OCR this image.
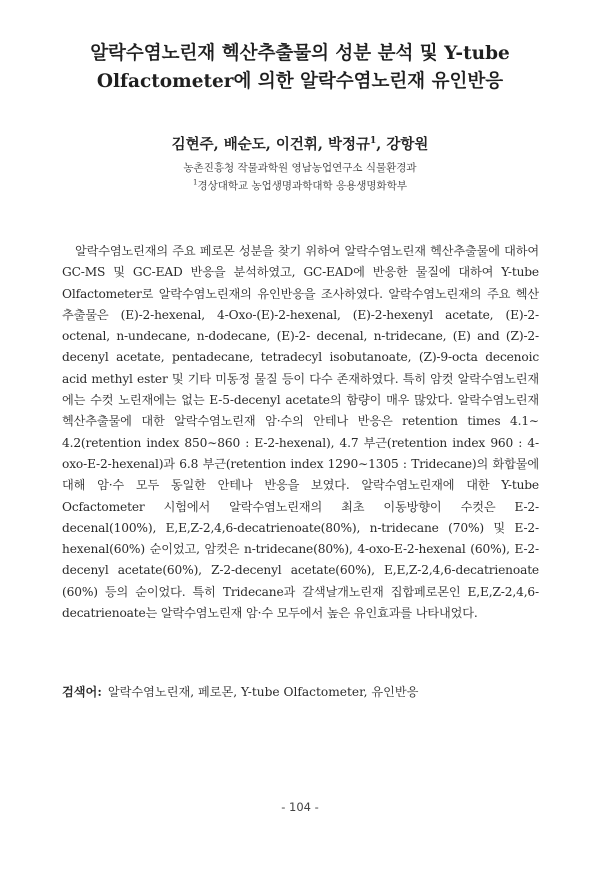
알락수염노린재 헥산추출물의 성분 분석 및 Y-tube
Olfactometer에 의한 알락수염노린재 유인반응
김현주, 배순도, 이건휘, 박정규$^1$, 강항원
농촌진흥청 작물과학원 영남농업연구소 식물환경과
$^1$경상대학교 농업생명과학대학 응용생명화학부
알락수염노린재의 주요 페로몬 성분을 찾기 위하여 알락수염노린재 헥산추출물에 대하여 GC-MS 및 GC-EAD 반응을 분석하였고, GC-EAD에 반응한 물질에 대하여 Y-tube Olfactometer로 알락수염노린재의 유인반응을 조사하였다. 알락수염노린재의 주요 헥산추출물은 (E)-2-hexenal, 4-Oxo-(E)-2-hexenal, (E)-2-hexenyl acetate, (E)-2-octenal, n-undecane, n-dodecane, (E)-2- decenal, n-tridecane, (E) and (Z)-2-decenyl acetate, pentadecane, tetradecyl isobutanoate, (Z)-9-octa decenoic acid methyl ester 및 기타 미동정 물질 등이 다수 존재하였다. 특히 암컷 알락수염노린재에는 수컷 노린재에는 없는 E-5-decenyl acetate의 함량이 매우 많았다. 알락수염노린재 헥산추출물에 대한 알락수염노린재 암·수의 안테나 반응은 retention times 4.1∼ 4.2(retention index 850∼860 : E-2-hexenal), 4.7 부근(retention index 960 : 4-oxo-E-2-hexenal)과 6.8 부근(retention index 1290∼1305 : Tridecane)의 화합물에 대해 암·수 모두 동일한 안테나 반응을 보였다. 알락수염노린재에 대한 Y-tube Ocfactometer 시험에서 알락수염노린재의 최초 이동방향이 수컷은 E-2-decenal(100%), E,E,Z-2,4,6-decatrienoate(80%), n-tridecane (70%) 및 E-2-hexenal(60%) 순이었고, 암컷은 n-tridecane(80%), 4-oxo-E-2-hexenal (60%), E-2-decenyl acetate(60%), Z-2-decenyl acetate(60%), E,E,Z-2,4,6-decatrienoate (60%) 등의 순이었다. 특히 Tridecane과 갈색날개노린재 집합페로몬인 E,E,Z-2,4,6-decatrienoate는 알락수염노린재 암·수 모두에서 높은 유인효과를 나타내었다.
검색어: 알락수염노린재, 페로몬, Y-tube Olfactometer, 유인반응
- 104 -
